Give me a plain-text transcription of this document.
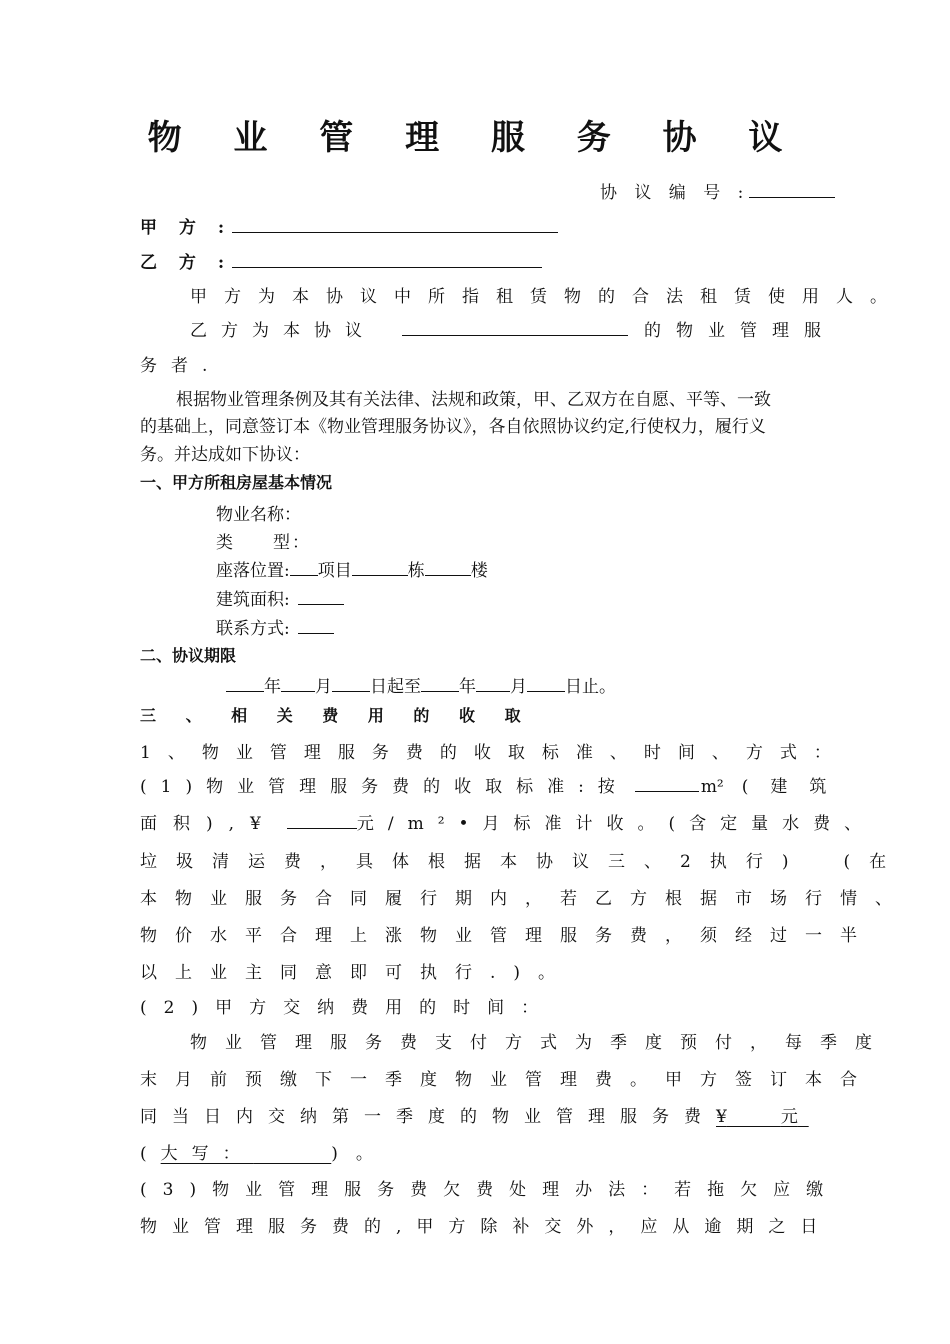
物 业 管 理 服 务 协 议
协 议 编 号 :
甲 方 :
乙 方 :
甲方为本协议中所指租赁物的合法租赁使用人。
乙方为本协议	的物业管理服
务者.
根据物业管理条例及其有关法律、法规和政策，甲、乙双方在自愿、平等、一致
的基础上，同意签订本《物业管理服务协议》，各自依照协议约定,行使权力，履行义
务。并达成如下协议：
一、甲方所租房屋基本情况
物业名称：
类　　型：
座落位置: 项目	栋	楼
建筑面积:
联系方式:
二、协议期限
年 月 日起至 年 月 日止。
三 、 相 关 费 用 的 收 取
1、物业管理服务费的收取标准、时间、方式：
(1)物业管理服务费的收取标准:按	m² (建筑
面积),¥	元/m²•月标准计收。(含定量水费、
垃圾清运费，具体根据本协议三、2执行)　(在
本物业服务合同履行期内，若乙方根据市场行情、
物价水平合理上涨物业管理服务费，须经过一半
以上业主同意即可执行.)。
(2)甲方交纳费用的时间：
物业管理服务费支付方式为季度预付，每季度
末月前预缴下一季度物业管理费。甲方签订本合
同当日内交纳第一季度的物业管理服务费¥	元
( 大写：	)。
(3)物业管理服务费欠费处理办法：若拖欠应缴
物业管理服务费的,甲方除补交外，应从逾期之日
